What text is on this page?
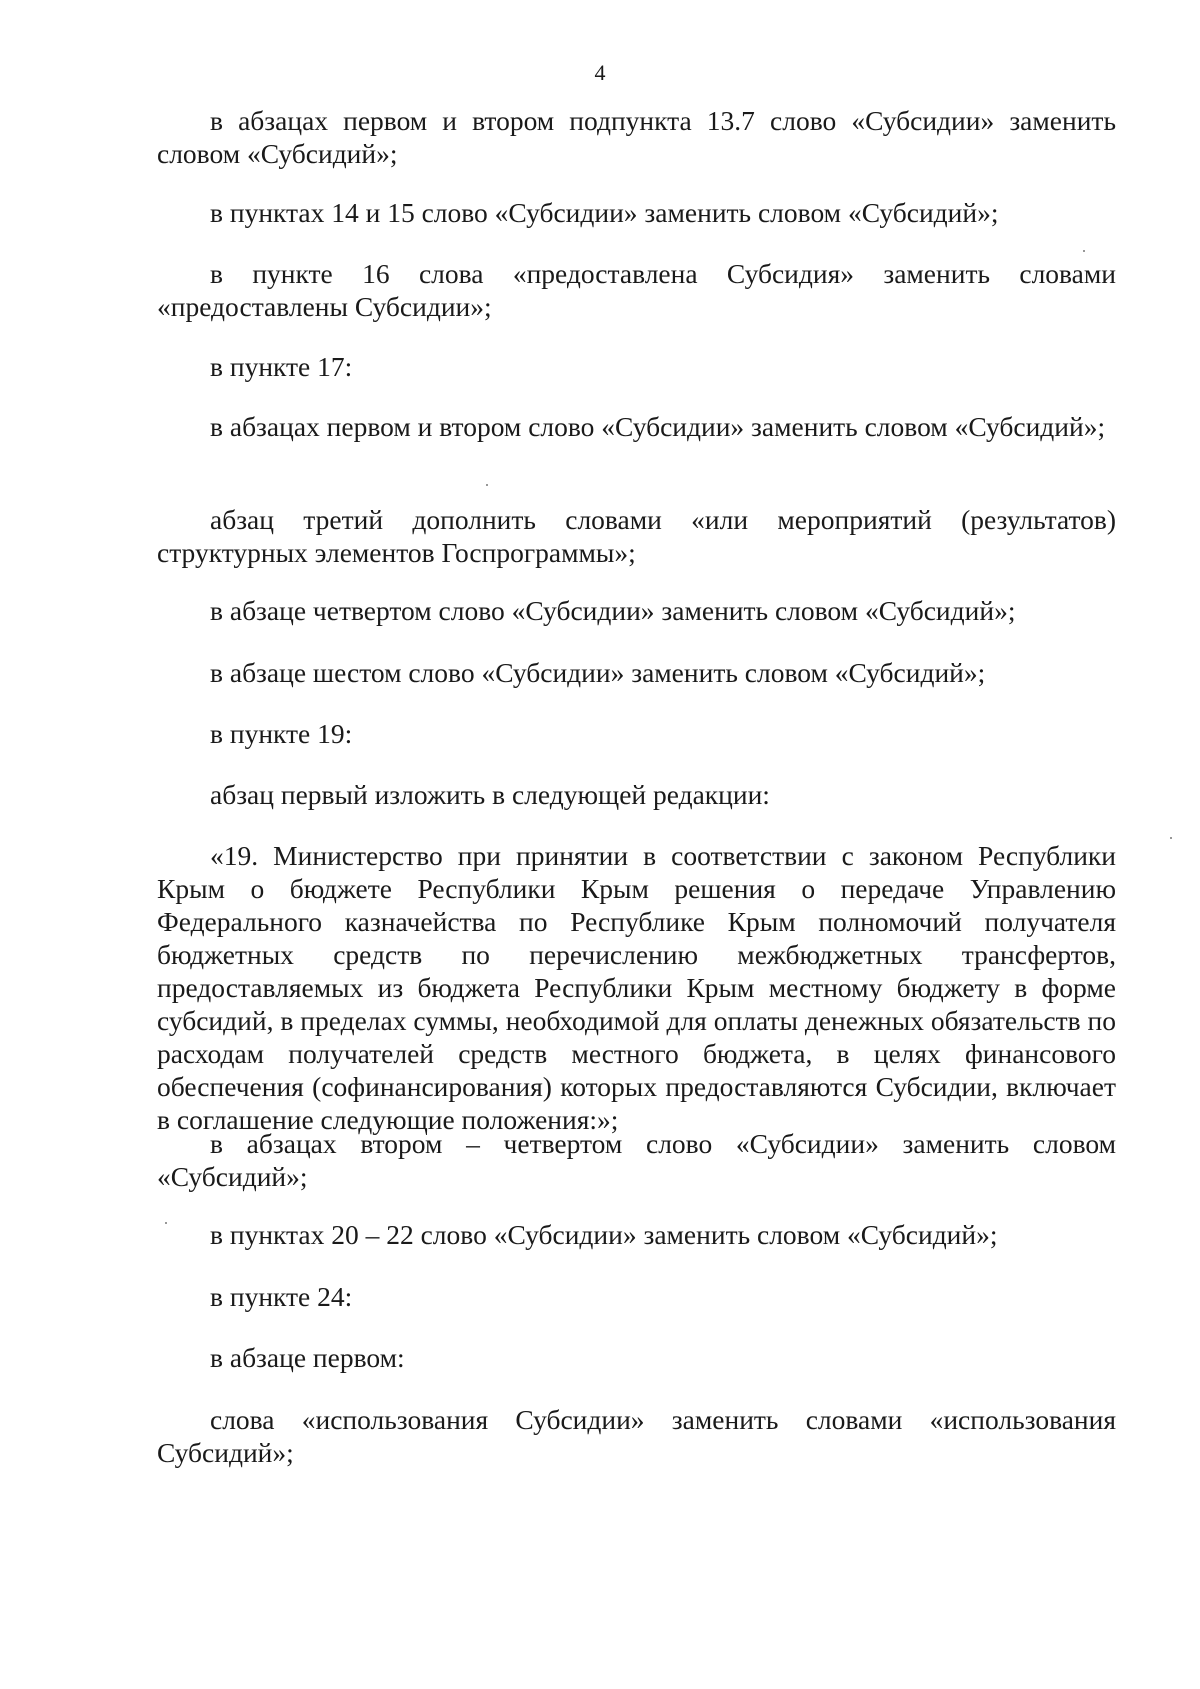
4

в абзацах первом и втором подпункта 13.7 слово «Субсидии» заменить словом «Субсидий»;

в пунктах 14 и 15 слово «Субсидии» заменить словом «Субсидий»;

в пункте 16 слова «предоставлена Субсидия» заменить словами «предоставлены Субсидии»;

в пункте 17:

в абзацах первом и втором слово «Субсидии» заменить словом «Субсидий»;

абзац третий дополнить словами «или мероприятий (результатов) структурных элементов Госпрограммы»;

в абзаце четвертом слово «Субсидии» заменить словом «Субсидий»;

в абзаце шестом слово «Субсидии» заменить словом «Субсидий»;

в пункте 19:

абзац первый изложить в следующей редакции:

«19. Министерство при принятии в соответствии с законом Республики Крым о бюджете Республики Крым решения о передаче Управлению Федерального казначейства по Республике Крым полномочий получателя бюджетных средств по перечислению межбюджетных трансфертов, предоставляемых из бюджета Республики Крым местному бюджету в форме субсидий, в пределах суммы, необходимой для оплаты денежных обязательств по расходам получателей средств местного бюджета, в целях финансового обеспечения (софинансирования) которых предоставляются Субсидии, включает в соглашение следующие положения:»;

в абзацах втором – четвертом слово «Субсидии» заменить словом «Субсидий»;

в пунктах 20 – 22 слово «Субсидии» заменить словом «Субсидий»;

в пункте 24:

в абзаце первом:

слова «использования Субсидии» заменить словами «использования Субсидий»;
